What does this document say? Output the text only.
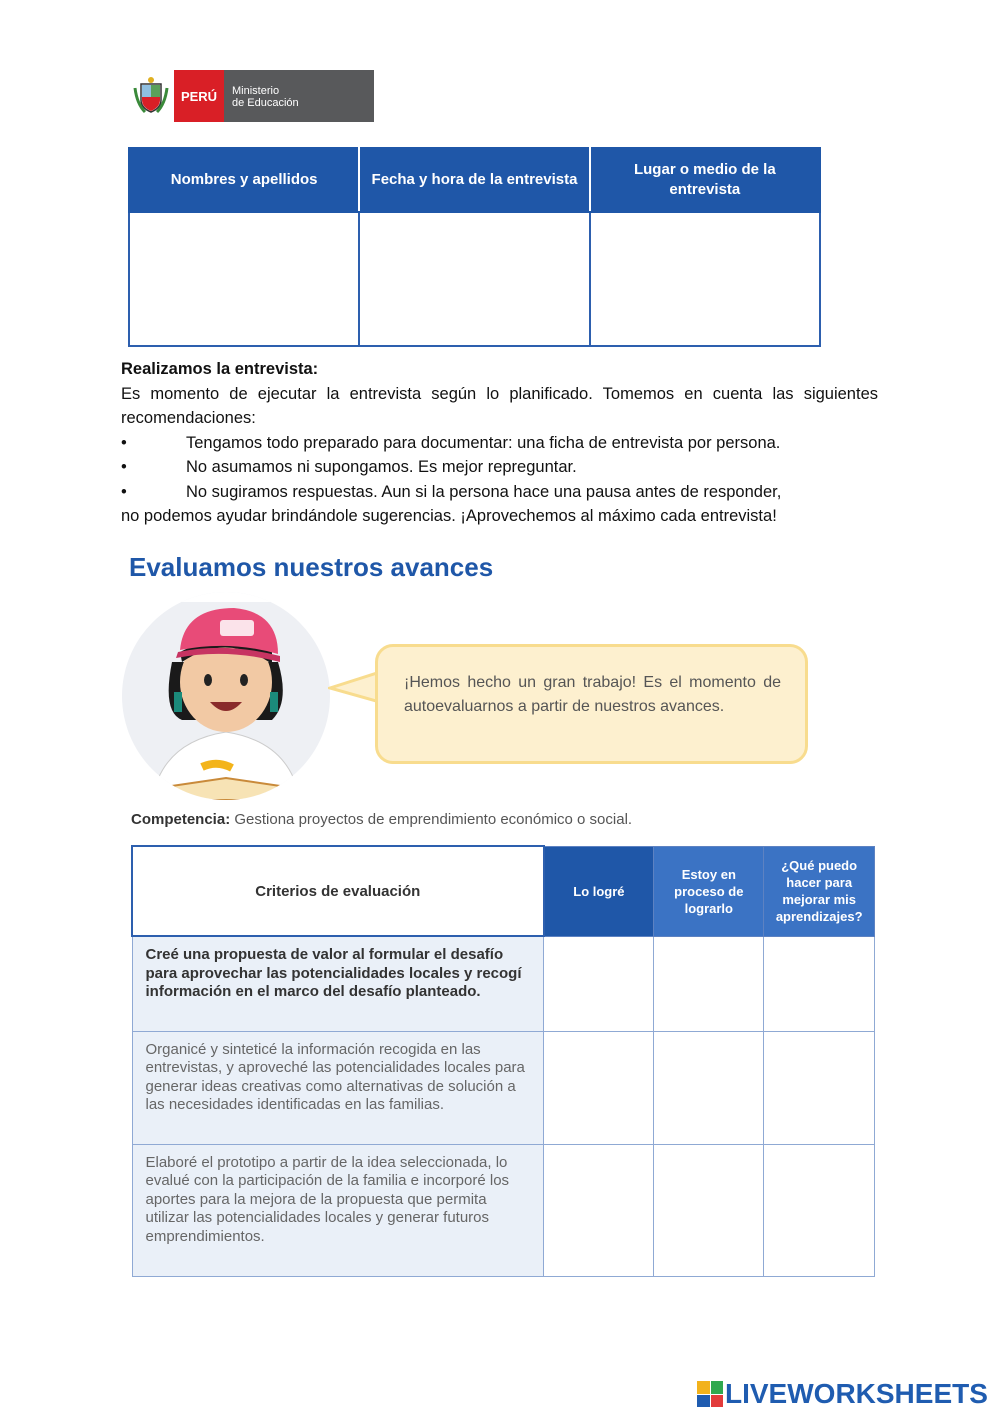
PERÚ	Ministerio
de Educación
Nombres y apellidos	Fecha y hora de la entrevista	Lugar o medio de la entrevista

Realizamos la entrevista:
Es momento de ejecutar la entrevista según lo planificado. Tomemos en cuenta las siguientes recomendaciones:
•	Tengamos todo preparado para documentar: una ficha de entrevista por persona.
•	No asumamos ni supongamos. Es mejor repreguntar.
•	No sugiramos respuestas. Aun si la persona hace una pausa antes de responder,
no podemos ayudar brindándole sugerencias. ¡Aprovechemos al máximo cada entrevista!
Evaluamos nuestros avances
¡Hemos hecho un gran trabajo! Es el momento de autoevaluarnos a partir de nuestros avances.
Competencia: Gestiona proyectos de emprendimiento económico o social.
Criterios de evaluación	Lo logré	Estoy en proceso de lograrlo	¿Qué puedo hacer para mejorar mis aprendizajes?
Creé una propuesta de valor al formular el desafío para aprovechar las potencialidades locales y recogí información en el marco del desafío planteado.			
Organicé y sinteticé la información recogida en las entrevistas, y aproveché las potencialidades locales para generar ideas creativas como alternativas de solución a las necesidades identificadas en las familias.			
Elaboré el prototipo a partir de la idea seleccionada, lo evalué con la participación de la familia e incorporé los aportes para la mejora de la propuesta que permita utilizar las potencialidades locales y generar futuros emprendimientos.			
LIVEWORKSHEETS
